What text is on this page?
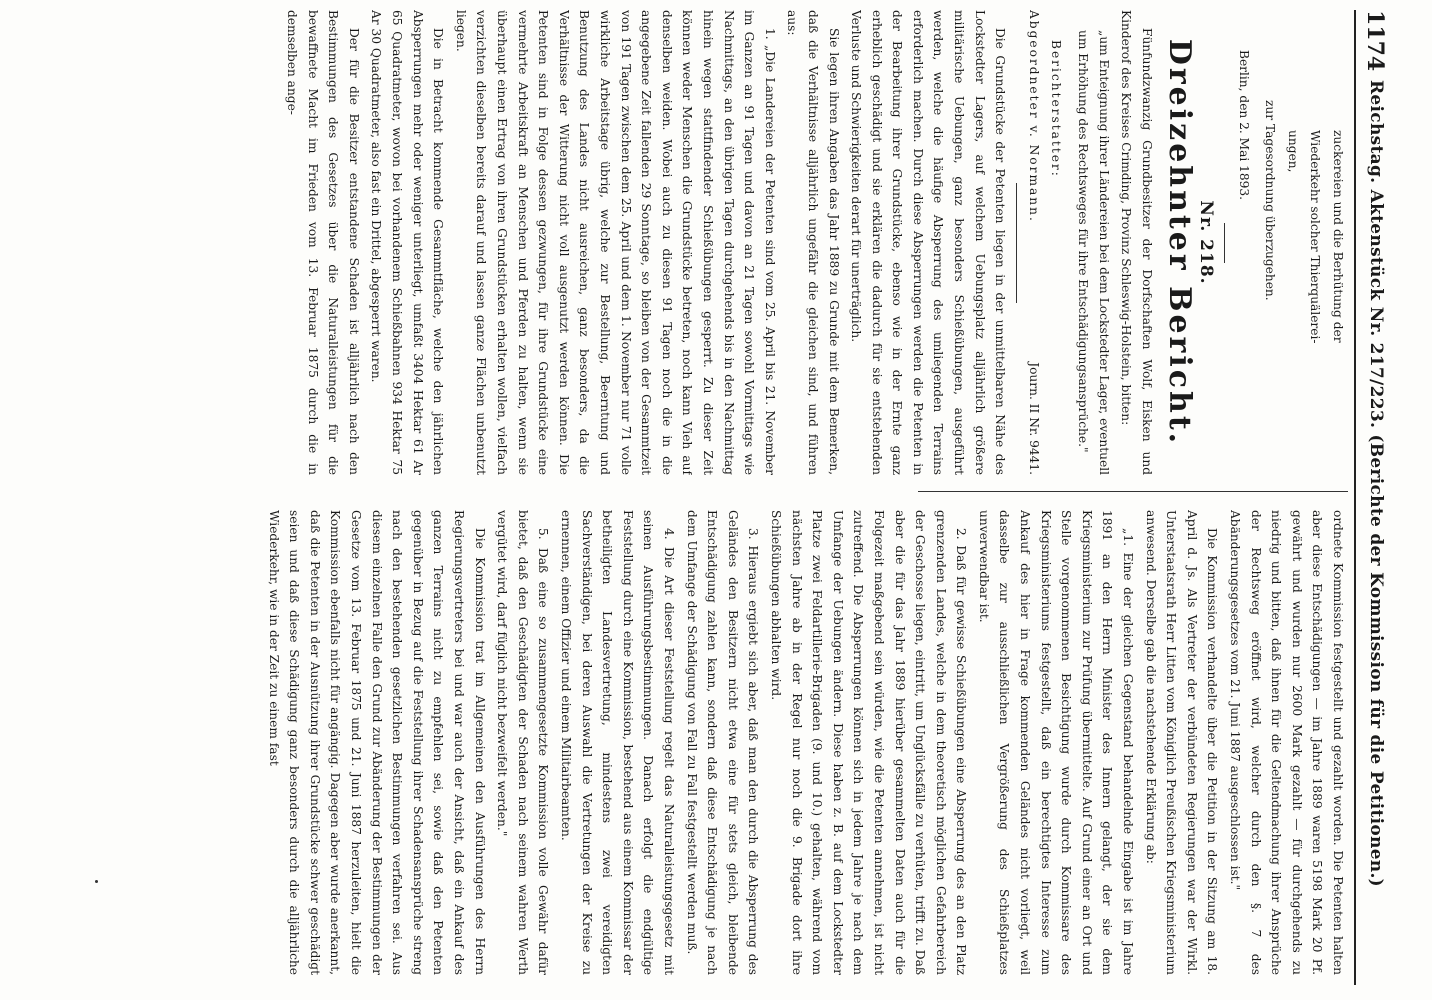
1174
Reichstag. Aktenstück Nr. 217/223. (Berichte der Kommission für die Petitionen.)

zuckereien und die Berhütung der

Wiederkehr solcher Thierquälerei-

ungen,

zur Tagesordnung überzugehen.

Berlin, den 2. Mai 1893.

Nr. 218.
Dreizehnter Bericht.

Fünfundzwanzig Grundbesitzer der Dorfschaften Wolf, Eisken und Kinderof des Kreises Crimding, Provinz Schleswig-Holstein, bitten:

„um Enteignung ihrer Ländereien bei dem Lockstedter Lager, eventuell um Erhöhung des Rechtsweges für ihre Entschädigungsansprüche."

Berichterstatter:

Abgeordneter v. Normann.
Journ. II Nr. 9441.

Die Grundstücke der Petenten liegen in der unmittelbaren Nähe des Lockstedter Lagers, auf welchem Uebungsplatz alljährlich größere militärische Uebungen, ganz besonders Schießübungen, ausgeführt werden, welche die häufige Absperrung des umliegenden Terrains erforderlich machen. Durch diese Absperrungen werden die Petenten in der Bearbeitung ihrer Grundstücke, ebenso wie in der Ernte ganz erheblich geschädigt und sie erklären die dadurch für sie entstehenden Verluste und Schwierigkeiten derart für unerträglich.

Sie legen ihren Angaben das Jahr 1889 zu Grunde mit dem Bemerken, daß die Verhältnisse alljährlich ungefähr die gleichen sind, und führen aus:

1. „Die Landereien der Petenten sind vom 25. April bis 21. November im Ganzen an 91 Tagen und davon an 21 Tagen sowohl Vormittags wie Nachmittags, an den übrigen Tagen durchgehends bis in den Nachmittag hinein wegen stattfindender Schießübungen gesperrt. Zu dieser Zeit können weder Menschen die Grundstücke betreten, noch kann Vieh auf denselben weiden. Wobei auch zu diesen 91 Tagen noch die in die angegebene Zeit fallenden 29 Sonntage, so bleiben von der Gesammtzeit von 191 Tagen zwischen dem 25. April und dem 1. November nur 71 volle wirkliche Arbeitstage übrig, welche zur Bestellung, Beerntung und Benutzung des Landes nicht ausreichen, ganz besonders, da die Verhältnisse der Witterung nicht voll ausgenutzt werden können. Die Petenten sind in Folge dessen gezwungen, für ihre Grundstücke eine vermehrte Arbeitskraft an Menschen und Pferden zu halten, wenn sie überhaupt einen Ertrag von ihren Grundstücken erhalten wollen, vielfach verzichten dieselben bereits darauf und lassen ganze Flächen unbenutzt liegen.

Die in Betracht kommende Gesammtfläche, welche den jährlichen Absperrungen mehr oder weniger unterliegt, umfaßt 3404 Hektar 61 Ar 65 Quadratmeter, wovon bei vorhandenem Schießbahnen 934 Hektar 75 Ar 30 Quadratmeter, also fast ein Drittel, abgesperrt waren.

Der für die Besitzer entstandene Schaden ist alljährlich nach den Bestimmungen des Gesetzes über die Naturalleistungen für die bewaffnete Macht im Frieden vom 13. Februar 1875 durch die in demselben ange-

ordnete Kommission festgestellt und gezahlt worden. Die Petenten halten aber diese Entschädigungen — im Jahre 1889 waren 5198 Mark 20 Pf. gewährt und wurden nur 2600 Mark gezahlt — für durchgehends zu niedrig und bitten, daß ihnen für die Geltendmachung ihrer Ansprüche der Rechtsweg eröffnet wird, welcher durch den §. 7 des Abänderungsgesetzes vom 21. Juni 1887 ausgeschlossen ist."

Die Kommission verhandelte über die Petition in der Sitzung am 18. April d. Js. Als Vertreter der verbündeten Regierungen war der Wirkl. Unterstaatsrath Herr Litten vom Königlich Preußischen Kriegsministerium anwesend. Derselbe gab die nachstehende Erklärung ab:

„1. Eine der gleichen Gegenstand behandelnde Eingabe ist im Jahre 1891 an den Herrn Minister des Innern gelangt, der sie dem Kriegsministerium zur Prüfung übermittelte. Auf Grund einer an Ort und Stelle vorgenommenen Besichtigung wurde durch Kommissare des Kriegsministeriums festgestellt, daß ein berechtigtes Interesse zum Ankauf des hier in Frage kommenden Geländes nicht vorliegt, weil dasselbe zur ausschließlichen Vergrößerung des Schießplatzes unverwendbar ist.

2. Daß für gewisse Schießübungen eine Absperrung des an den Platz grenzenden Landes, welche in dem theoretisch möglichen Gefahrbereich der Geschosse liegen, eintritt, um Unglücksfälle zu verhüten, trifft zu. Daß aber die für das Jahr 1889 hierüber gesammelten Daten auch für die Folgezeit maßgebend sein würden, wie die Petenten annehmen, ist nicht zutreffend. Die Absperrungen können sich in jedem Jahre je nach dem Umfange der Uebungen ändern. Diese haben z. B. auf dem Lockstedter Platze zwei Feldartillerie-Brigaden (9. und 10.) gehalten, während vom nächsten Jahre ab in der Regel nur noch die 9. Brigade dort ihre Schießübungen abhalten wird.

3. Hieraus ergiebt sich aber, daß man den durch die Absperrung des Geländes den Besitzern nicht etwa eine für stets gleich, bleibende Entschädigung zahlen kann, sondern daß diese Entschädigung je nach dem Umfange der Schädigung von Fall zu Fall festgestellt werden muß.

4. Die Art dieser Feststellung regelt das Naturalleistungsgesetz mit seinen Ausführungsbestimmungen. Danach erfolgt die endgültige Feststellung durch eine Kommission, bestehend aus einem Kommissar der betheiligten Landesvertretung, mindestens zwei vereidigten Sachverständigen, bei deren Auswahl die Vertretungen der Kreise zu ernennen, einem Offizier und einem Militairbeamten.

5. Daß eine so zusammengesetzte Kommission volle Gewähr dafür bietet, daß den Geschädigten der Schaden nach seinem wahren Werth vergütet wird, darf füglich nicht bezweifelt werden."

Die Kommission trat im Allgemeinen den Ausführungen des Herrn Regierungsvertreters bei und war auch der Ansicht, daß ein Ankauf des ganzen Terrains nicht zu empfehlen sei, sowie daß den Petenten gegenüber in Bezug auf die Feststellung ihrer Schadensansprüche streng nach den bestehenden gesetzlichen Bestimmungen verfahren sei. Aus diesem einzelnen Falle den Grund zur Abänderung der Bestimmungen der Gesetze vom 13. Februar 1875 und 21. Juni 1887 herzuleiten, hielt die Kommission ebenfalls nicht für angängig. Dagegen aber wurde anerkannt, daß die Petenten in der Ausnützung ihrer Grundstücke schwer geschädigt seien und daß diese Schädigung ganz besonders durch die alljährliche Wiederkehr, wie in der Zeit zu einem fast
